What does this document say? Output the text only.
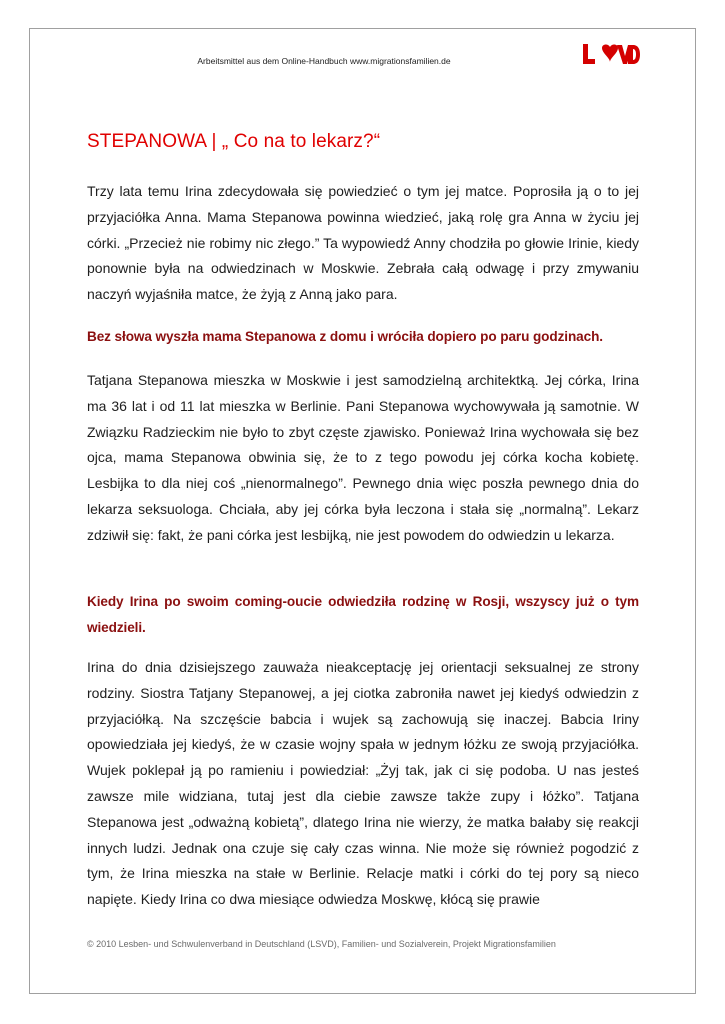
Arbeitsmittel aus dem Online-Handbuch www.migrationsfamilien.de
STEPANOWA | „ Co na to lekarz?“

Trzy lata temu Irina zdecydowała się powiedzieć o tym jej matce. Poprosiła ją o to jej przyjaciółka Anna. Mama Stepanowa powinna wiedzieć, jaką rolę gra Anna w życiu jej córki. „Przecież nie robimy nic złego.” Ta wypowiedź Anny chodziła po głowie Irinie, kiedy ponownie była na odwiedzinach w Moskwie. Zebrała całą odwagę i przy zmywaniu naczyń wyjaśniła matce, że żyją z Anną jako para.

Bez słowa wyszła mama Stepanowa z domu i wróciła dopiero po paru godzinach.

Tatjana Stepanowa mieszka w Moskwie i jest samodzielną architektką. Jej córka, Irina ma 36 lat i od 11 lat mieszka w Berlinie. Pani Stepanowa wychowywała ją samotnie. W Związku Radzieckim nie było to zbyt częste zjawisko. Ponieważ Irina wychowała się bez ojca, mama Stepanowa obwinia się, że to z tego powodu jej córka kocha kobietę. Lesbijka to dla niej coś „nienormalnego”. Pewnego dnia więc poszła pewnego dnia do lekarza seksuologa. Chciała, aby jej córka była leczona i stała się „normalną”. Lekarz zdziwił się: fakt, że pani córka jest lesbijką, nie jest powodem do odwiedzin u lekarza.

Kiedy Irina po swoim coming-oucie odwiedziła rodzinę w Rosji, wszyscy już o tym wiedzieli.

Irina do dnia dzisiejszego zauważa nieakceptację jej orientacji seksualnej ze strony rodziny. Siostra Tatjany Stepanowej, a jej ciotka zabroniła nawet jej kiedyś odwiedzin z przyjaciółką. Na szczęście babcia i wujek są zachowują się inaczej. Babcia Iriny opowiedziała jej kiedyś, że w czasie wojny spała w jednym łóżku ze swoją przyjaciółka. Wujek poklepał ją po ramieniu i powiedział: „Żyj tak, jak ci się podoba. U nas jesteś zawsze mile widziana, tutaj jest dla ciebie zawsze także zupy i łóżko”. Tatjana Stepanowa jest „odważną kobietą”, dlatego Irina nie wierzy, że matka bałaby się reakcji innych ludzi. Jednak ona czuje się cały czas winna. Nie może się również pogodzić z tym, że Irina mieszka na stałe w Berlinie. Relacje matki i córki do tej pory są nieco napięte. Kiedy Irina co dwa miesiące odwiedza Moskwę, kłócą się prawie

© 2010 Lesben- und Schwulenverband in Deutschland (LSVD), Familien- und Sozialverein, Projekt Migrationsfamilien
